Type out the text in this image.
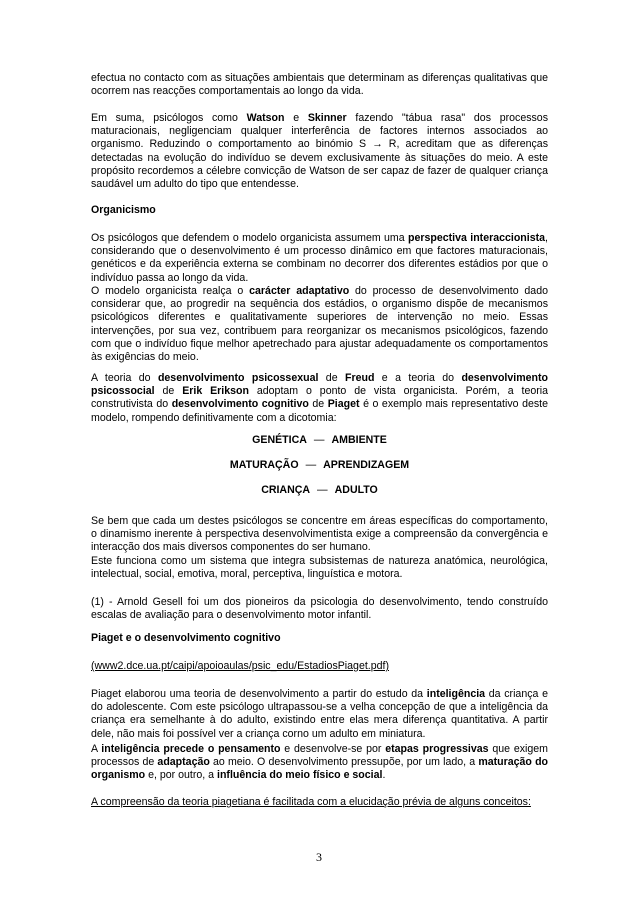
efectua no contacto com as situações ambientais que determinam as diferenças qualitativas que ocorrem nas reacções comportamentais ao longo da vida.

Em suma, psicólogos como Watson e Skinner fazendo "tábua rasa" dos processos maturacionais, negligenciam qualquer interferência de factores internos associados ao organismo. Reduzindo o comportamento ao binómio S → R, acreditam que as diferenças detectadas na evolução do indivíduo se devem exclusivamente às situações do meio. A este propósito recordemos a célebre convicção de Watson de ser capaz de fazer de qualquer criança saudável um adulto do tipo que entendesse.

Organicismo

Os psicólogos que defendem o modelo organicista assumem uma perspectiva interaccionista, considerando que o desenvolvimento é um processo dinâmico em que factores maturacionais, genéticos e da experiência externa se combinam no decorrer dos diferentes estádios por que o indivíduo passa ao longo da vida.

O modelo organicista realça o carácter adaptativo do processo de desenvolvimento dado considerar que, ao progredir na sequência dos estádios, o organismo dispõe de mecanismos psicológicos diferentes e qualitativamente superiores de intervenção no meio. Essas intervenções, por sua vez, contribuem para reorganizar os mecanismos psicológicos, fazendo com que o indivíduo fique melhor apetrechado para ajustar adequadamente os comportamentos às exigências do meio.

A teoria do desenvolvimento psicossexual de Freud e a teoria do desenvolvimento psicossocial de Erik Erikson adoptam o ponto de vista organicista. Porém, a teoria construtivista do desenvolvimento cognitivo de Piaget é o exemplo mais representativo deste modelo, rompendo definitivamente com a dicotomia:

GENÉTICA — AMBIENTE

MATURAÇÃO — APRENDIZAGEM

CRIANÇA — ADULTO

Se bem que cada um destes psicólogos se concentre em áreas específicas do comportamento, o dinamismo inerente à perspectiva desenvolvimentista exige a compreensão da convergência e interacção dos mais diversos componentes do ser humano.

Este funciona como um sistema que integra subsistemas de natureza anatómica, neurológica, intelectual, social, emotiva, moral, perceptiva, linguística e motora.

(1) - Arnold Gesell foi um dos pioneiros da psicologia do desenvolvimento, tendo construído escalas de avaliação para o desenvolvimento motor infantil.

Piaget e o desenvolvimento cognitivo

(www2.dce.ua.pt/caipi/apoioaulas/psic_edu/EstadiosPiaget.pdf)

Piaget elaborou uma teoria de desenvolvimento a partir do estudo da inteligência da criança e do adolescente. Com este psicólogo ultrapassou-se a velha concepção de que a inteligência da criança era semelhante à do adulto, existindo entre elas mera diferença quantitativa. A partir dele, não mais foi possível ver a criança corno um adulto em miniatura.

A inteligência precede o pensamento e desenvolve-se por etapas progressivas que exigem processos de adaptação ao meio. O desenvolvimento pressupõe, por um lado, a maturação do organismo e, por outro, a influência do meio físico e social.

A compreensão da teoria piagetiana é facilitada com a elucidação prévia de alguns conceitos:

3
